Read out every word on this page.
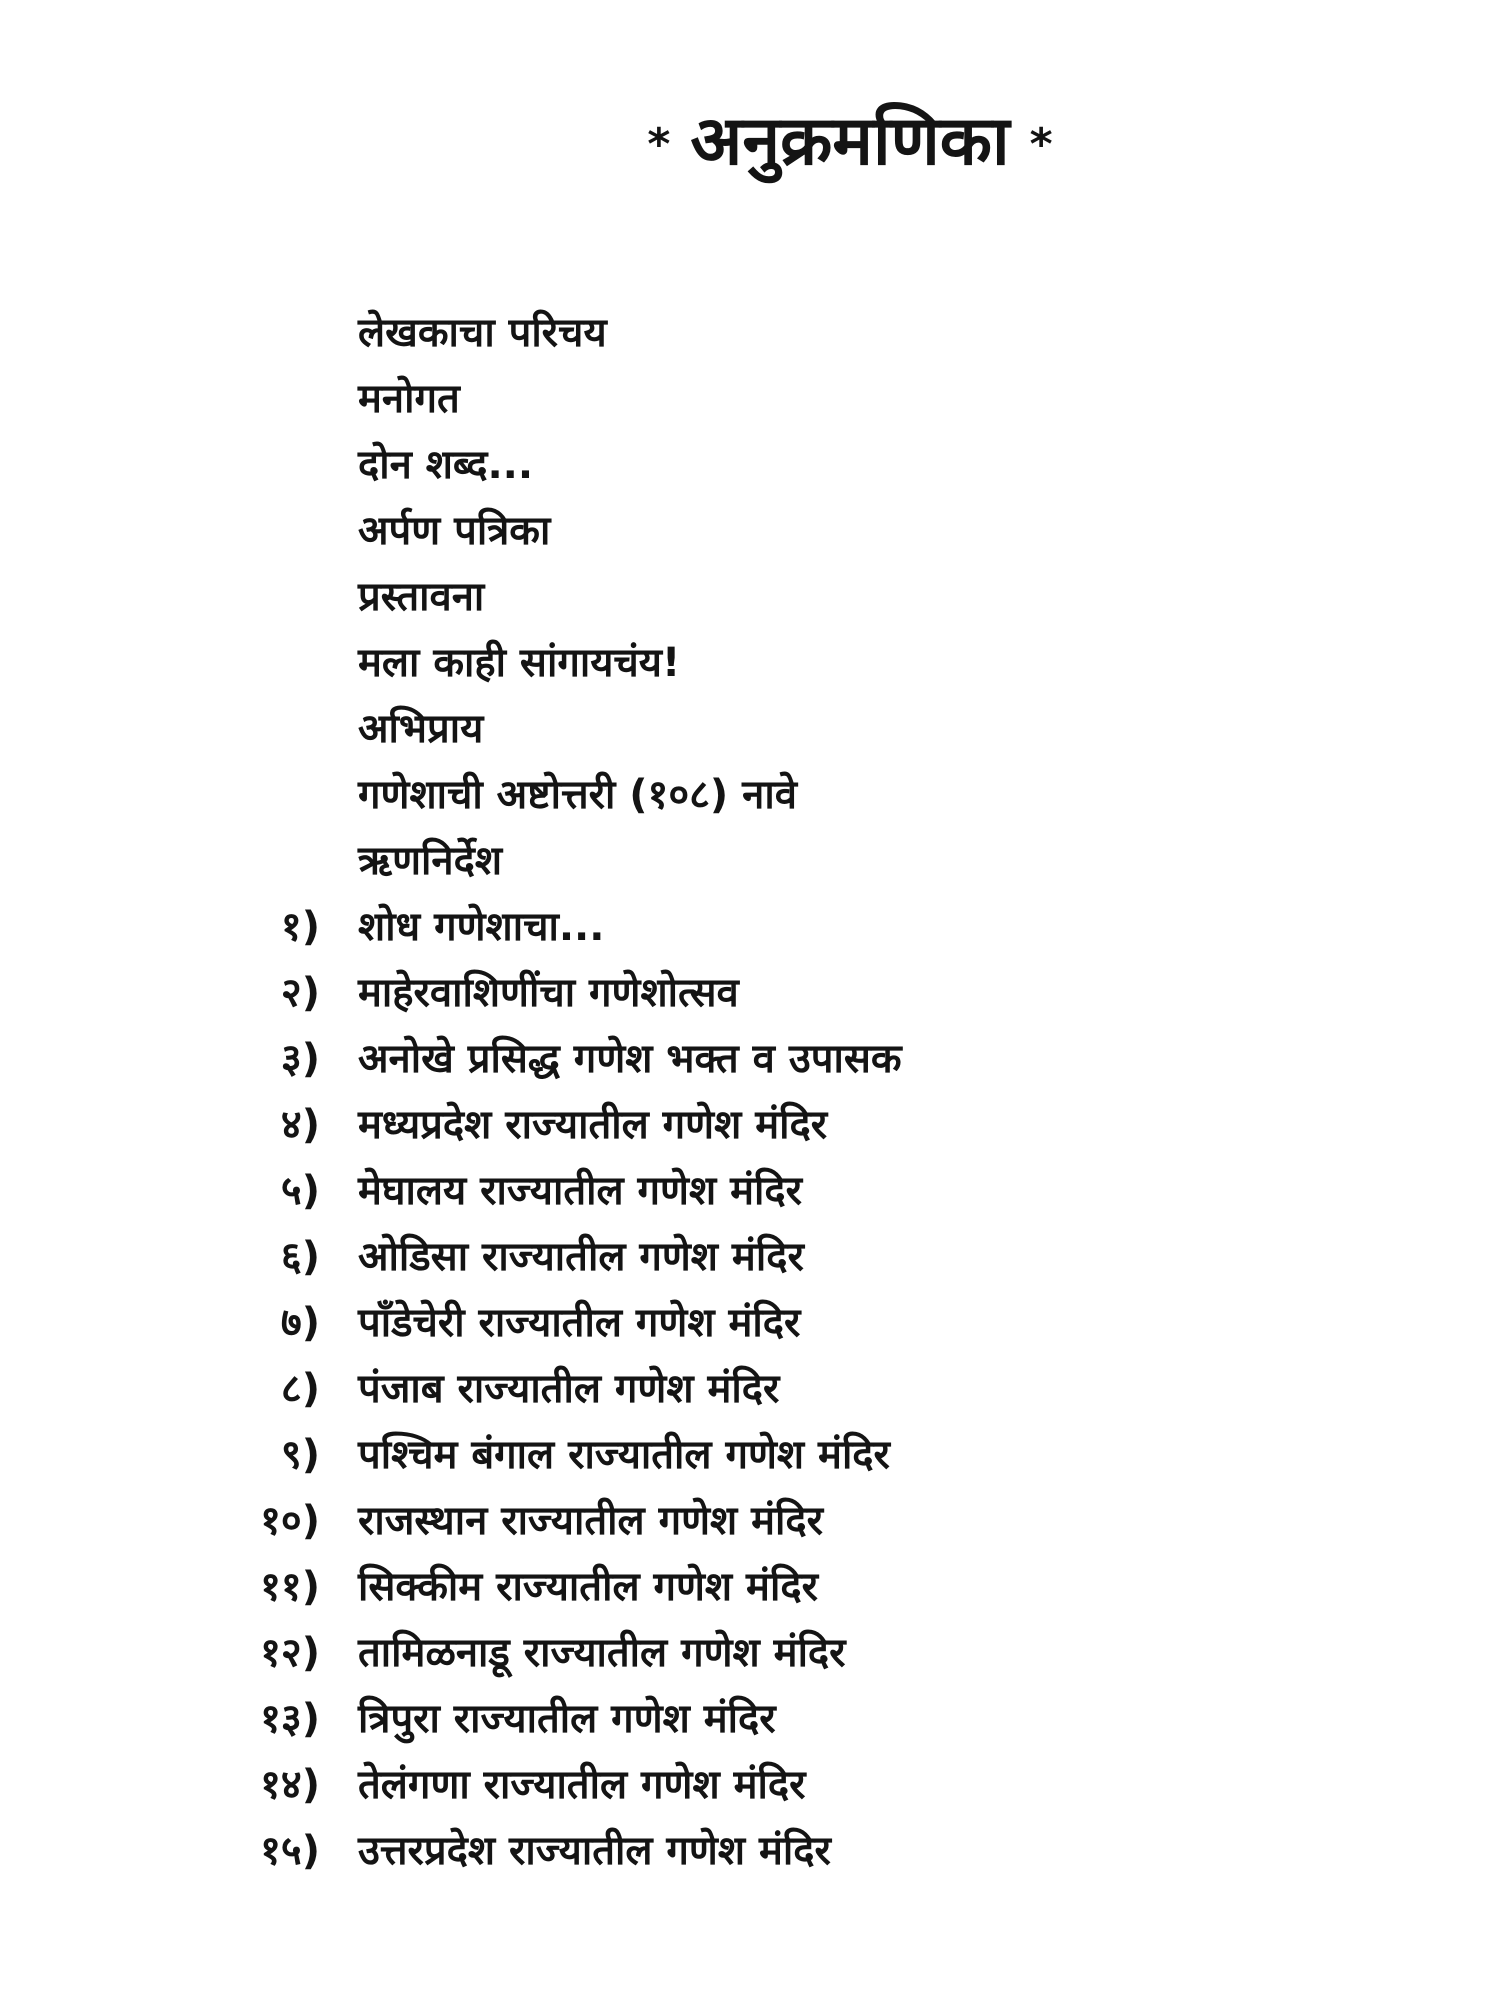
* अनुक्रमणिका *
लेखकाचा परिचय
मनोगत
दोन शब्द...
अर्पण पत्रिका
प्रस्तावना
मला काही सांगायचंय!
अभिप्राय
गणेशाची अष्टोत्तरी (१०८) नावे
ऋणनिर्देश
१) शोध गणेशाचा...
२) माहेरवाशिणींचा गणेशोत्सव
३) अनोखे प्रसिद्ध गणेश भक्त व उपासक
४) मध्यप्रदेश राज्यातील गणेश मंदिर
५) मेघालय राज्यातील गणेश मंदिर
६) ओडिसा राज्यातील गणेश मंदिर
७) पाँडेचेरी राज्यातील गणेश मंदिर
८) पंजाब राज्यातील गणेश मंदिर
९) पश्चिम बंगाल राज्यातील गणेश मंदिर
१०) राजस्थान राज्यातील गणेश मंदिर
११) सिक्कीम राज्यातील गणेश मंदिर
१२) तामिळनाडू राज्यातील गणेश मंदिर
१३) त्रिपुरा राज्यातील गणेश मंदिर
१४) तेलंगणा राज्यातील गणेश मंदिर
१५) उत्तरप्रदेश राज्यातील गणेश मंदिर
